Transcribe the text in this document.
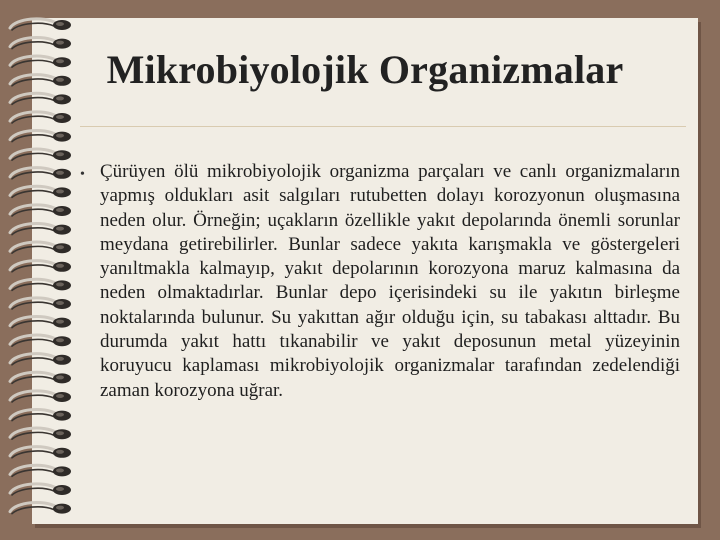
Mikrobiyolojik Organizmalar
• Çürüyen ölü mikrobiyolojik organizma parçaları ve canlı organizmaların yapmış oldukları asit salgıları rutubetten dolayı korozyonun oluşmasına neden olur. Örneğin; uçakların özellikle yakıt depolarında önemli sorunlar meydana getirebilirler. Bunlar sadece yakıta karışmakla ve göstergeleri yanıltmakla kalmayıp, yakıt depolarının korozyona maruz kalmasına da neden olmaktadırlar. Bunlar depo içerisindeki su ile yakıtın birleşme noktalarında bulunur. Su yakıttan ağır olduğu için, su tabakası alttadır. Bu durumda yakıt hattı tıkanabilir ve yakıt deposunun metal yüzeyinin koruyucu kaplaması mikrobiyolojik organizmalar tarafından zedelendiği zaman korozyona uğrar.
